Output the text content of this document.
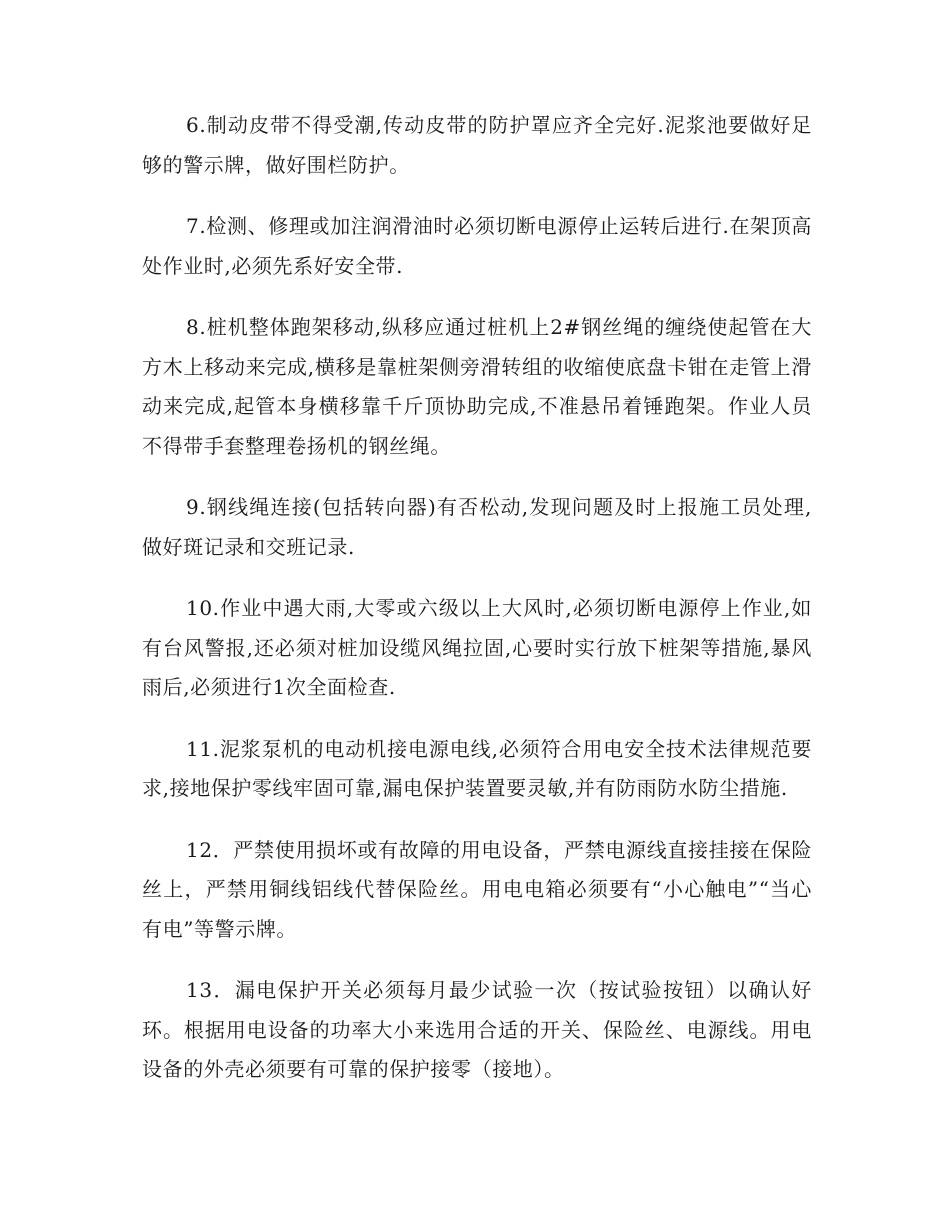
6.制动皮带不得受潮,传动皮带的防护罩应齐全完好.泥浆池要做好足够的警示牌，做好围栏防护。

7.检测、修理或加注润滑油时必须切断电源停止运转后进行.在架顶高处作业时,必须先系好安全带.

8.桩机整体跑架移动,纵移应通过桩机上2#钢丝绳的缠绕使起管在大方木上移动来完成,横移是靠桩架侧旁滑转组的收缩使底盘卡钳在走管上滑动来完成,起管本身横移靠千斤顶协助完成,不准悬吊着锤跑架。作业人员不得带手套整理卷扬机的钢丝绳。

9.钢线绳连接(包括转向器)有否松动,发现问题及时上报施工员处理,做好斑记录和交班记录.

10.作业中遇大雨,大零或六级以上大风时,必须切断电源停上作业,如有台风警报,还必须对桩加设缆风绳拉固,心要时实行放下桩架等措施,暴风雨后,必须进行1次全面检查.

11.泥浆泵机的电动机接电源电线,必须符合用电安全技术法律规范要求,接地保护零线牢固可靠,漏电保护装置要灵敏,并有防雨防水防尘措施.

12．严禁使用损坏或有故障的用电设备，严禁电源线直接挂接在保险丝上，严禁用铜线铝线代替保险丝。用电电箱必须要有“小心触电”“当心有电”等警示牌。

13．漏电保护开关必须每月最少试验一次（按试验按钮）以确认好环。根据用电设备的功率大小来选用合适的开关、保险丝、电源线。用电设备的外壳必须要有可靠的保护接零（接地）。
